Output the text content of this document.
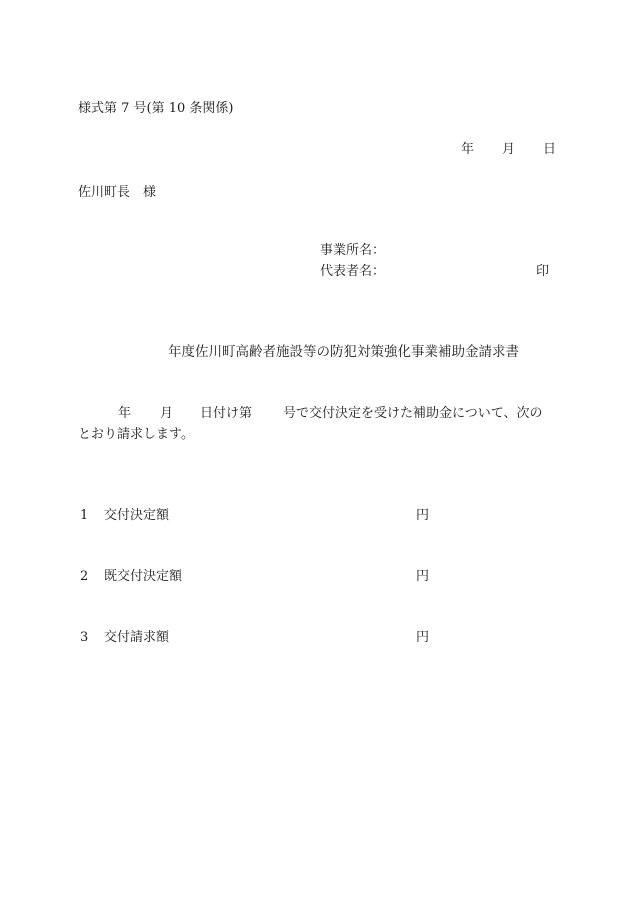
様式第 7 号(第 10 条関係)
年 月 日
佐川町長　様
事業所名：
代表者名：	印
年度佐川町高齢者施設等の防犯対策強化事業補助金請求書

年

月

日付け第

号で交付決定を受けた補助金について、次の

とおり請求します。
1 交付決定額	円
2 既交付決定額	円
3 交付請求額	円
